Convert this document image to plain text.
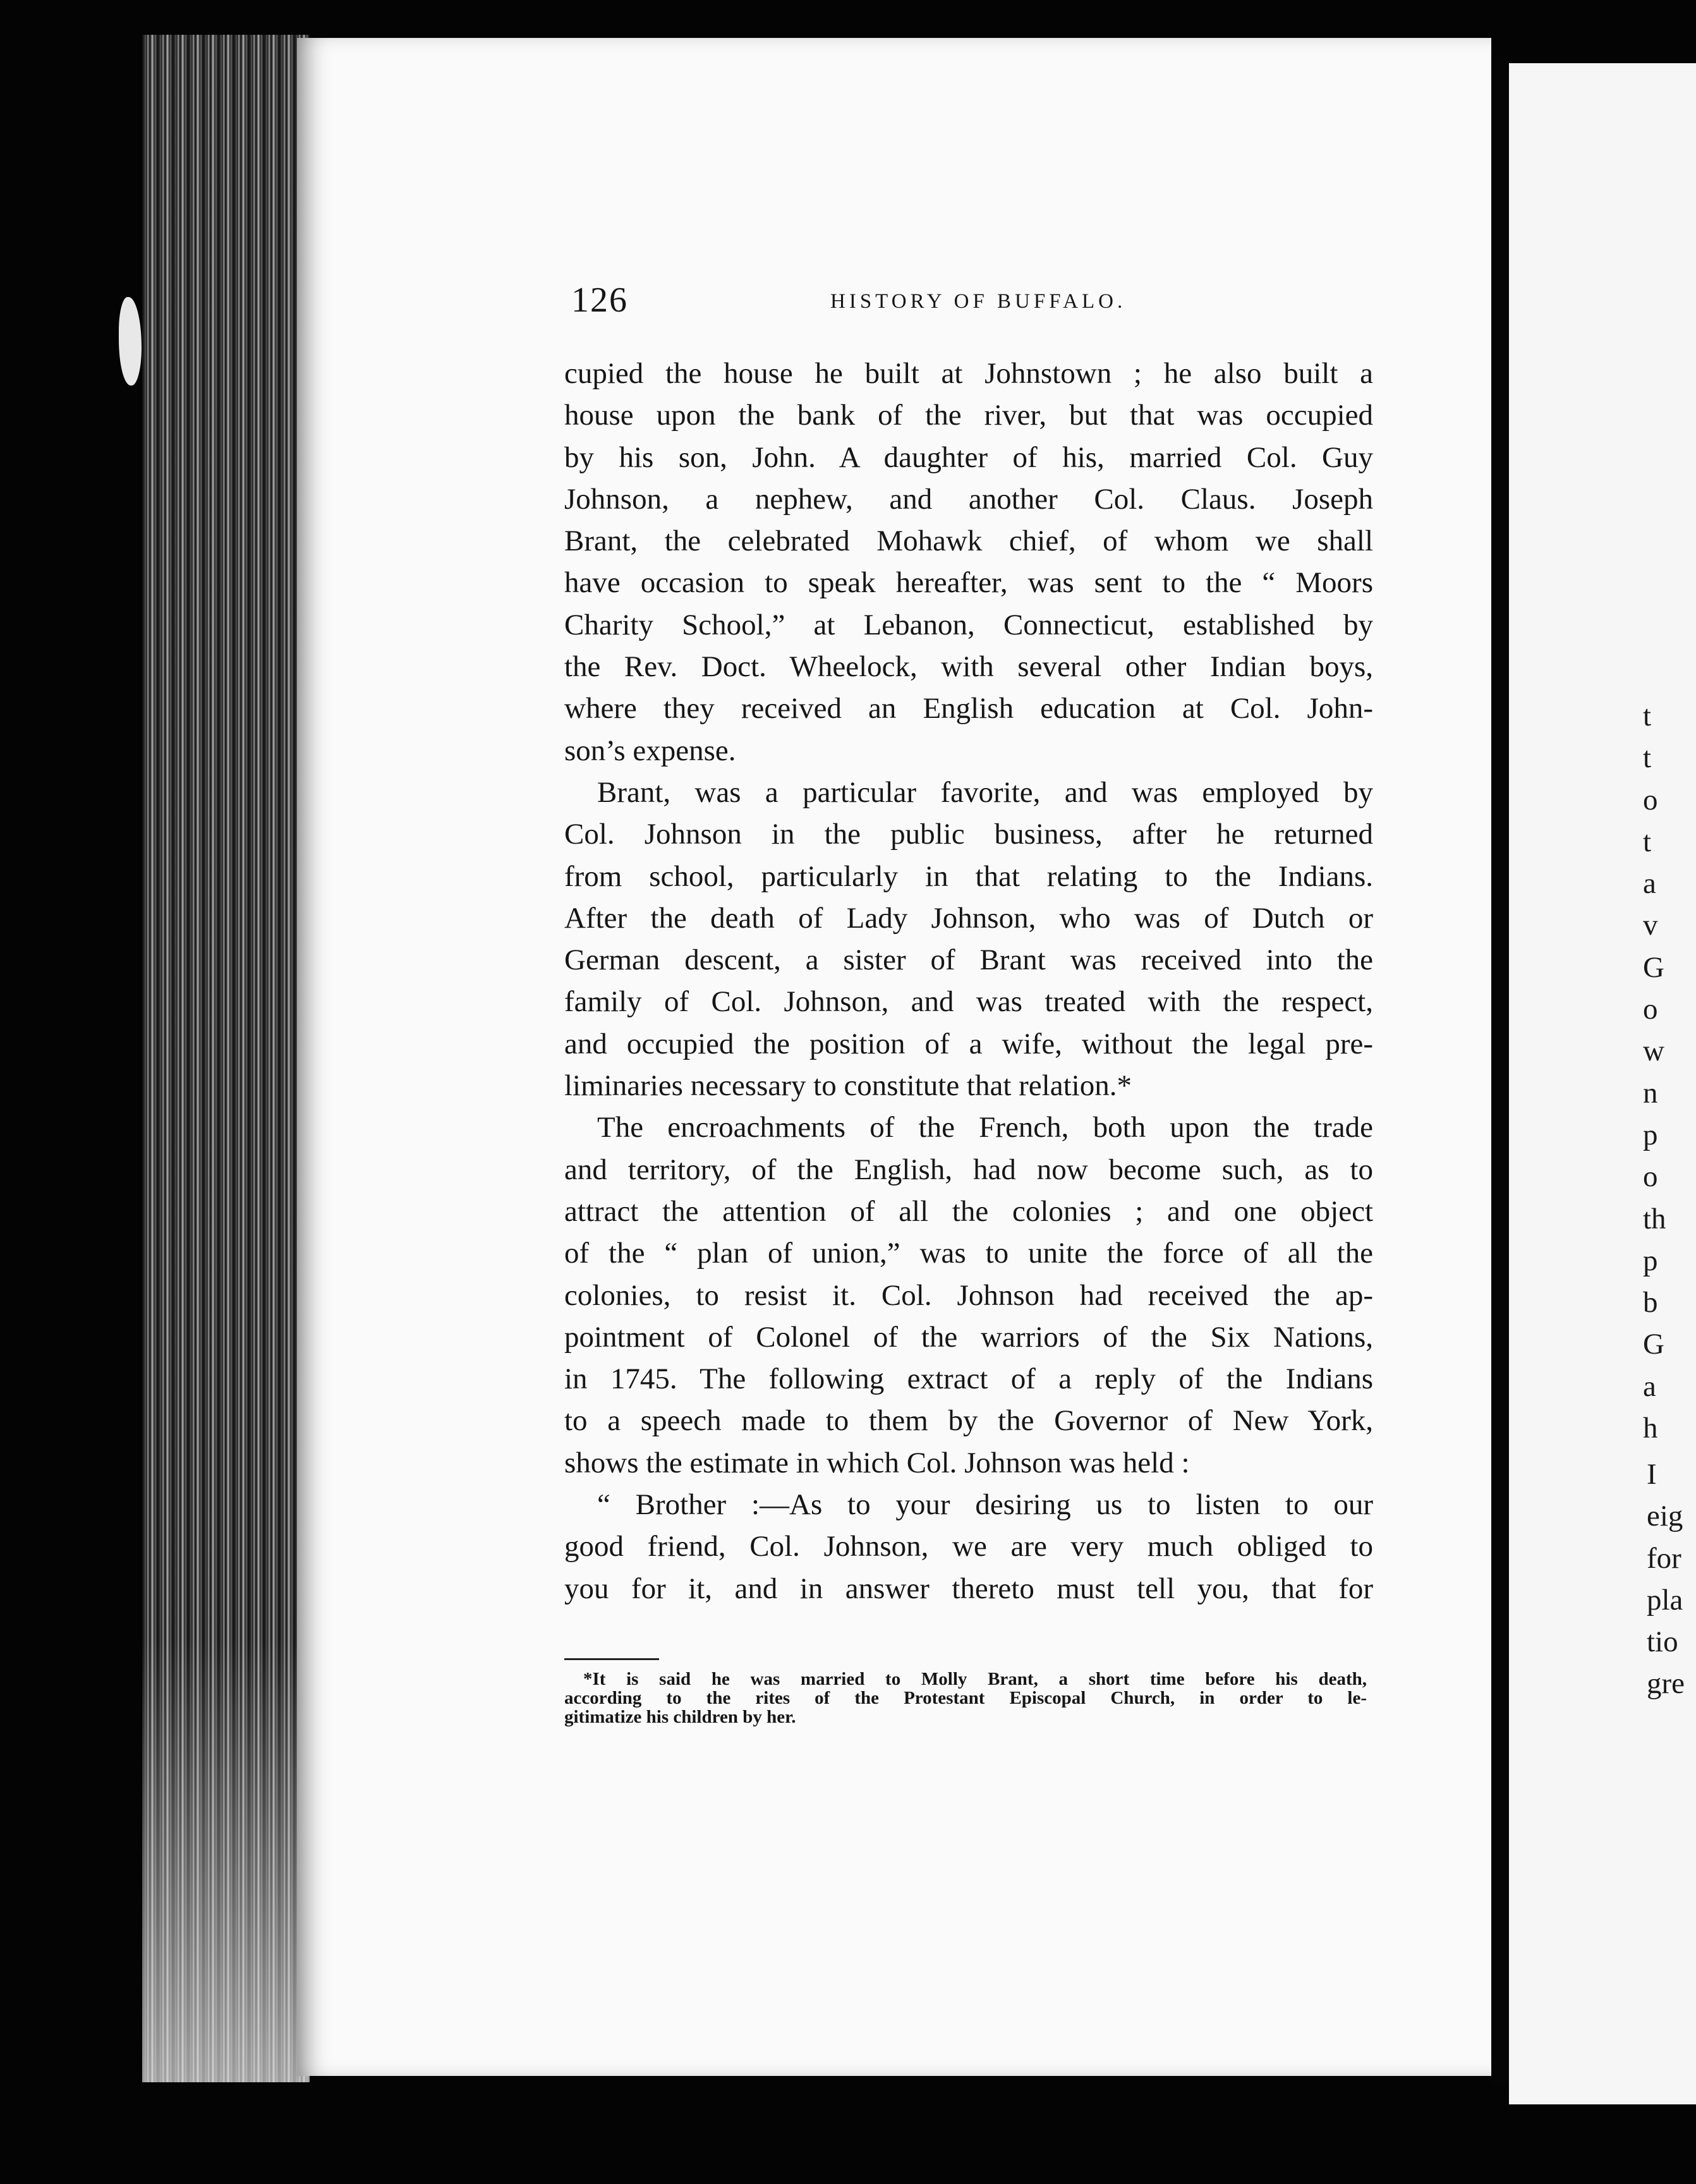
126	HISTORY OF BUFFALO.
cupied the house he built at Johnstown ; he also built a
house upon the bank of the river, but that was occupied
by his son, John. A daughter of his, married Col. Guy
Johnson, a nephew, and another Col. Claus. Joseph
Brant, the celebrated Mohawk chief, of whom we shall
have occasion to speak hereafter, was sent to the “ Moors
Charity School,” at Lebanon, Connecticut, established by
the Rev. Doct. Wheelock, with several other Indian boys,
where they received an English education at Col. John-
son’s expense.
Brant, was a particular favorite, and was employed by
Col. Johnson in the public business, after he returned
from school, particularly in that relating to the Indians.
After the death of Lady Johnson, who was of Dutch or
German descent, a sister of Brant was received into the
family of Col. Johnson, and was treated with the respect,
and occupied the position of a wife, without the legal pre-
liminaries necessary to constitute that relation.*
The encroachments of the French, both upon the trade
and territory, of the English, had now become such, as to
attract the attention of all the colonies ; and one object
of the “ plan of union,” was to unite the force of all the
colonies, to resist it. Col. Johnson had received the ap-
pointment of Colonel of the warriors of the Six Nations,
in 1745. The following extract of a reply of the Indians
to a speech made to them by the Governor of New York,
shows the estimate in which Col. Johnson was held :
“ Brother :—As to your desiring us to listen to our
good friend, Col. Johnson, we are very much obliged to
you for it, and in answer thereto must tell you, that for
*It is said he was married to Molly Brant, a short time before his death,
according to the rites of the Protestant Episcopal Church, in order to le-
gitimatize his children by her.
t
t
o
t
a
v
G
o
w
n
p
o
th
p
b
G
a
h
I
eig
for
pla
tio
gre
